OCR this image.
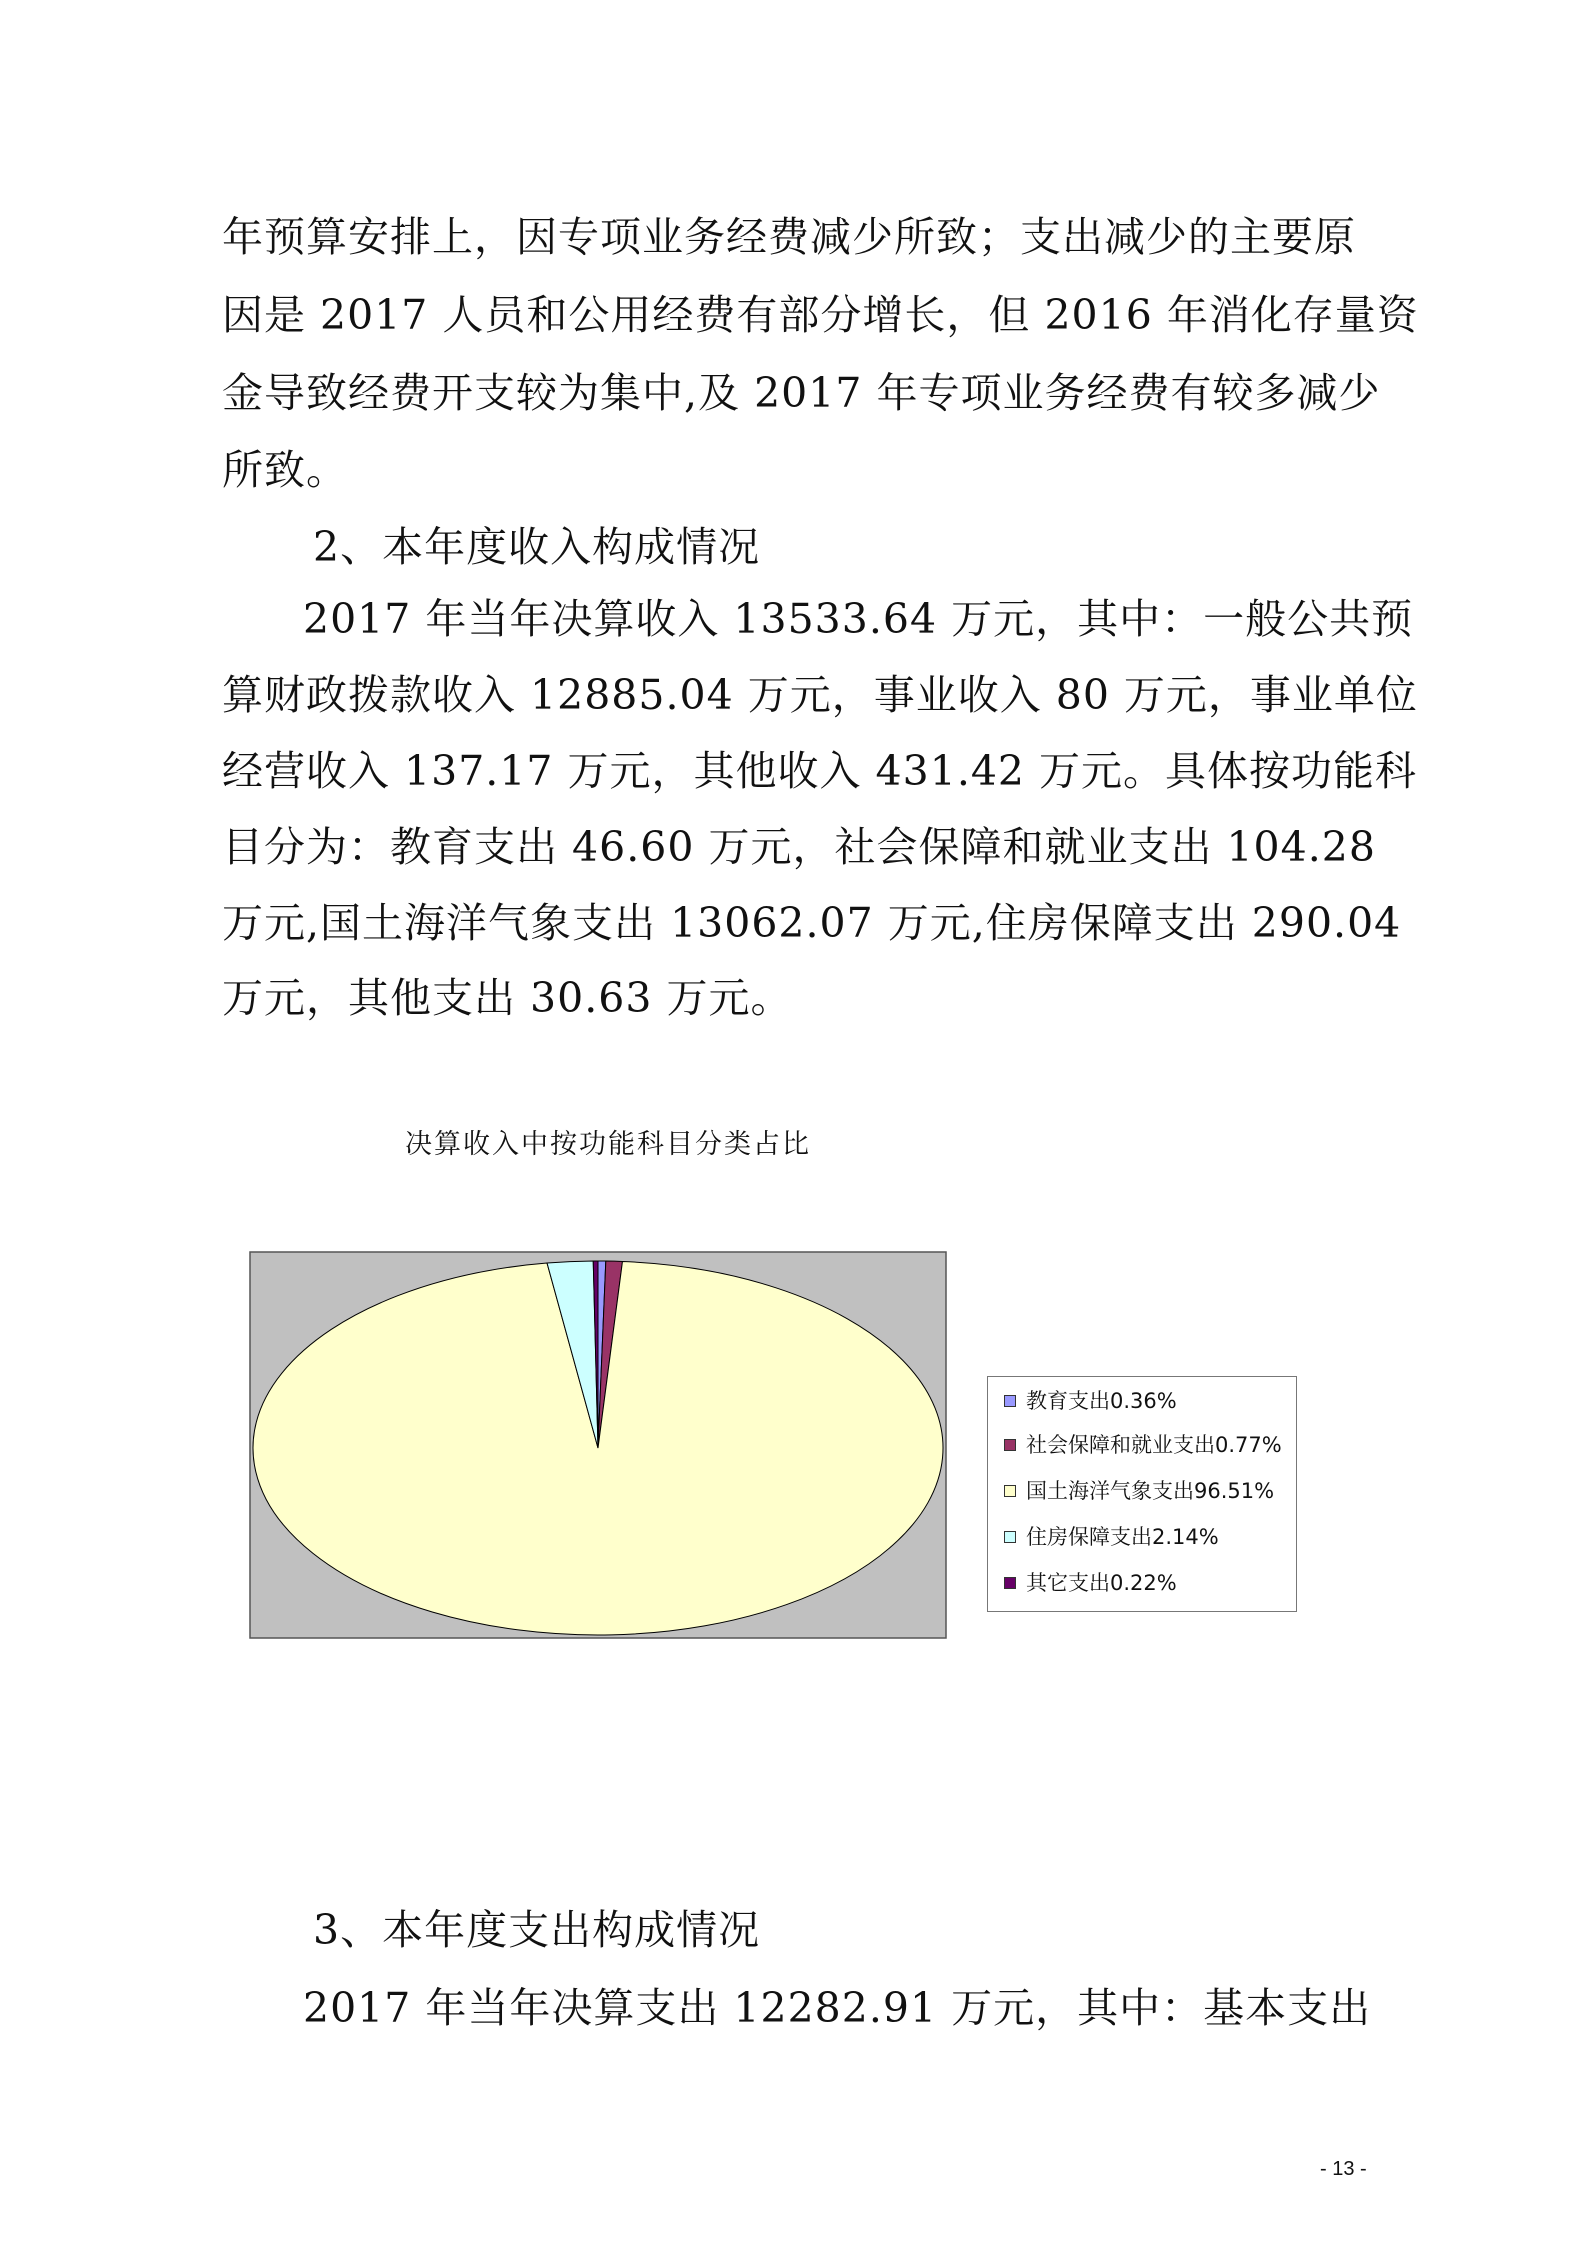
年预算安排上，因专项业务经费减少所致；支出减少的主要原
因是 2017 人员和公用经费有部分增长，但 2016 年消化存量资
金导致经费开支较为集中,及 2017 年专项业务经费有较多减少
所致。
2、本年度收入构成情况
2017 年当年决算收入 13533.64 万元，其中：一般公共预
算财政拨款收入 12885.04 万元，事业收入 80 万元，事业单位
经营收入 137.17 万元，其他收入 431.42 万元。具体按功能科
目分为：教育支出 46.60 万元，社会保障和就业支出 104.28
万元,国土海洋气象支出 13062.07 万元,住房保障支出 290.04
万元，其他支出 30.63 万元。
决算收入中按功能科目分类占比
教育支出0.36%
社会保障和就业支出0.77%
国土海洋气象支出96.51%
住房保障支出2.14%
其它支出0.22%
3、本年度支出构成情况
2017 年当年决算支出 12282.91 万元，其中：基本支出
- 13 -
